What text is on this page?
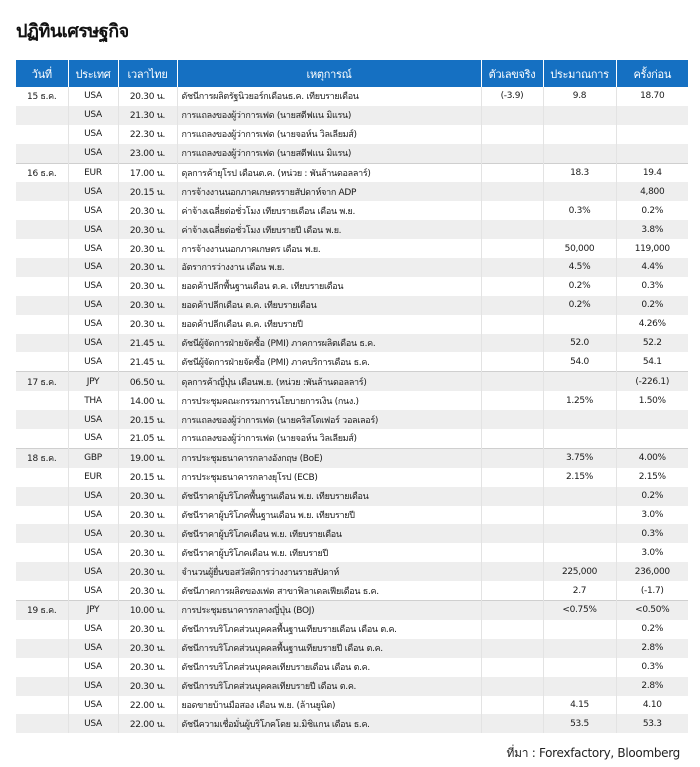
ปฏิทินเศรษฐกิจ
วันที่	ประเทศ	เวลาไทย	เหตุการณ์	ตัวเลขจริง	ประมาณการ	ครั้งก่อน
15 ธ.ค.	USA	20.30 น.	ดัชนีการผลิตรัฐนิวยอร์กเดือนธ.ค. เทียบรายเดือน	(-3.9)	9.8	18.70
	USA	21.30 น.	การแถลงของผู้ว่าการเฟด (นายสตีฟแน มิแรน)			
	USA	22.30 น.	การแถลงของผู้ว่าการเฟด (นายจอห์น วิลเลียมส์)			
	USA	23.00 น.	การแถลงของผู้ว่าการเฟด (นายสตีฟแน มิแรน)			
16 ธ.ค.	EUR	17.00 น.	ดุลการค้ายุโรป เดือนต.ค. (หน่วย : พันล้านดอลลาร์)		18.3	19.4
	USA	20.15 น.	การจ้างงานนอกภาคเกษตรรายสัปดาห์จาก ADP			4,800
	USA	20.30 น.	ค่าจ้างเฉลี่ยต่อชั่วโมง เทียบรายเดือน เดือน พ.ย.		0.3%	0.2%
	USA	20.30 น.	ค่าจ้างเฉลี่ยต่อชั่วโมง เทียบรายปี เดือน พ.ย.			3.8%
	USA	20.30 น.	การจ้างงานนอกภาคเกษตร เดือน พ.ย.		50,000	119,000
	USA	20.30 น.	อัตราการว่างงาน เดือน พ.ย.		4.5%	4.4%
	USA	20.30 น.	ยอดค้าปลีกพื้นฐานเดือน ต.ค. เทียบรายเดือน		0.2%	0.3%
	USA	20.30 น.	ยอดค้าปลีกเดือน ต.ค. เทียบรายเดือน		0.2%	0.2%
	USA	20.30 น.	ยอดค้าปลีกเดือน ต.ค. เทียบรายปี			4.26%
	USA	21.45 น.	ดัชนีผู้จัดการฝ่ายจัดซื้อ (PMI) ภาคการผลิตเดือน ธ.ค.		52.0	52.2
	USA	21.45 น.	ดัชนีผู้จัดการฝ่ายจัดซื้อ (PMI) ภาคบริการเดือน ธ.ค.		54.0	54.1
17 ธ.ค.	JPY	06.50 น.	ดุลการค้าญี่ปุ่น เดือนพ.ย. (หน่วย :พันล้านดอลลาร์)			(-226.1)
	THA	14.00 น.	การประชุมคณะกรรมการนโยบายการเงิน (กนง.)		1.25%	1.50%
	USA	20.15 น.	การแถลงของผู้ว่าการเฟด (นายคริสโตเฟอร์ วอลเลอร์)			
	USA	21.05 น.	การแถลงของผู้ว่าการเฟด (นายจอห์น วิลเลียมส์)			
18 ธ.ค.	GBP	19.00 น.	การประชุมธนาคารกลางอังกฤษ (BoE)		3.75%	4.00%
	EUR	20.15 น.	การประชุมธนาคารกลางยุโรป (ECB)		2.15%	2.15%
	USA	20.30 น.	ดัชนีราคาผู้บริโภคพื้นฐานเดือน พ.ย. เทียบรายเดือน			0.2%
	USA	20.30 น.	ดัชนีราคาผู้บริโภคพื้นฐานเดือน พ.ย. เทียบรายปี			3.0%
	USA	20.30 น.	ดัชนีราคาผู้บริโภคเดือน พ.ย. เทียบรายเดือน			0.3%
	USA	20.30 น.	ดัชนีราคาผู้บริโภคเดือน พ.ย. เทียบรายปี			3.0%
	USA	20.30 น.	จำนวนผู้ยื่นขอสวัสดิการว่างงานรายสัปดาห์		225,000	236,000
	USA	20.30 น.	ดัชนีภาคการผลิตของเฟด สาขาฟิลาเดลเฟียเดือน ธ.ค.		2.7	(-1.7)
19 ธ.ค.	JPY	10.00 น.	การประชุมธนาคารกลางญี่ปุ่น (BOJ)		<0.75%	<0.50%
	USA	20.30 น.	ดัชนีการบริโภคส่วนบุคคลพื้นฐานเทียบรายเดือน เดือน ต.ค.			0.2%
	USA	20.30 น.	ดัชนีการบริโภคส่วนบุคคลพื้นฐานเทียบรายปี เดือน ต.ค.			2.8%
	USA	20.30 น.	ดัชนีการบริโภคส่วนบุคคลเทียบรายเดือน เดือน ต.ค.			0.3%
	USA	20.30 น.	ดัชนีการบริโภคส่วนบุคคลเทียบรายปี เดือน ต.ค.			2.8%
	USA	22.00 น.	ยอดขายบ้านมือสอง เดือน พ.ย. (ล้านยูนิต)		4.15	4.10
	USA	22.00 น.	ดัชนีความเชื่อมั่นผู้บริโภคโดย ม.มิชิแกน เดือน ธ.ค.		53.5	53.3
ที่มา : Forexfactory, Bloomberg
